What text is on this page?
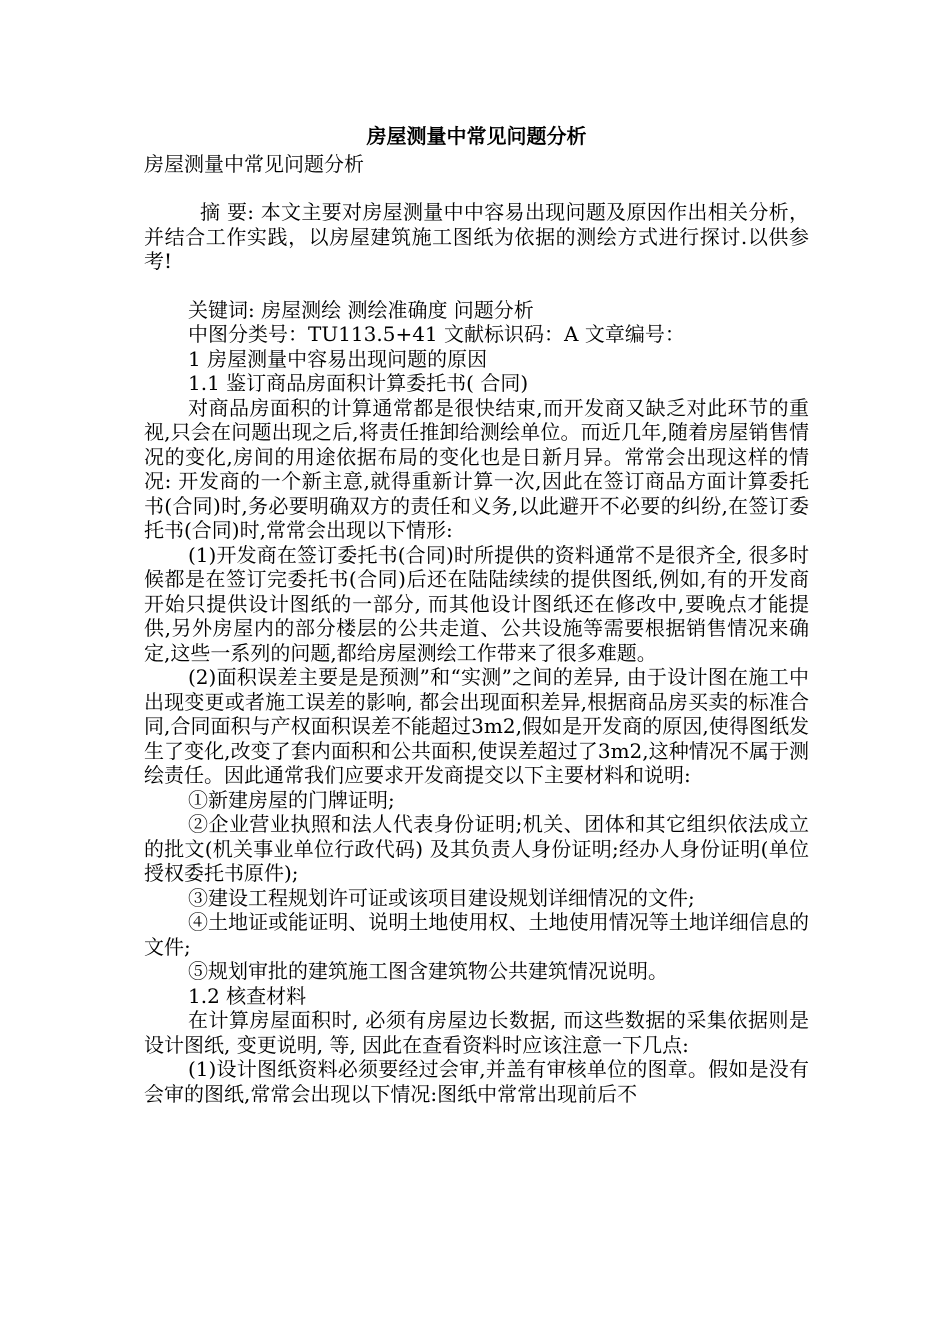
房屋测量中常见问题分析

房屋测量中常见问题分析

摘 要: 本文主要对房屋测量中中容易出现问题及原因作出相关分析，并结合工作实践，以房屋建筑施工图纸为依据的测绘方式进行探讨.以供参考!

关键词: 房屋测绘 测绘准确度 问题分析

中图分类号：TU113.5+41 文献标识码：A 文章编号：

1 房屋测量中容易出现问题的原因

1.1 鉴订商品房面积计算委托书( 合同)

对商品房面积的计算通常都是很快结束,而开发商又缺乏对此环节的重视,只会在问题出现之后,将责任推卸给测绘单位。而近几年,随着房屋销售情况的变化,房间的用途依据布局的变化也是日新月异。常常会出现这样的情况: 开发商的一个新主意,就得重新计算一次,因此在签订商品方面计算委托书(合同)时,务必要明确双方的责任和义务,以此避开不必要的纠纷,在签订委托书(合同)时,常常会出现以下情形:

(1)开发商在签订委托书(合同)时所提供的资料通常不是很齐全, 很多时候都是在签订完委托书(合同)后还在陆陆续续的提供图纸,例如,有的开发商开始只提供设计图纸的一部分, 而其他设计图纸还在修改中,要晚点才能提供,另外房屋内的部分楼层的公共走道、公共设施等需要根据销售情况来确定,这些一系列的问题,都给房屋测绘工作带来了很多难题。

(2)面积误差主要是是预测”和“实测”之间的差异, 由于设计图在施工中出现变更或者施工误差的影响, 都会出现面积差异,根据商品房买卖的标准合同,合同面积与产权面积误差不能超过3m2,假如是开发商的原因,使得图纸发生了变化,改变了套内面积和公共面积,使误差超过了3m2,这种情况不属于测绘责任。因此通常我们应要求开发商提交以下主要材料和说明:

①新建房屋的门牌证明;

②企业营业执照和法人代表身份证明;机关、团体和其它组织依法成立的批文(机关事业单位行政代码) 及其负责人身份证明;经办人身份证明(单位授权委托书原件);

③建设工程规划许可证或该项目建设规划详细情况的文件;

④土地证或能证明、说明土地使用权、土地使用情况等土地详细信息的文件;

⑤规划审批的建筑施工图含建筑物公共建筑情况说明。

1.2 核查材料

在计算房屋面积时, 必须有房屋边长数据, 而这些数据的采集依据则是设计图纸, 变更说明, 等, 因此在查看资料时应该注意一下几点:

(1)设计图纸资料必须要经过会审,并盖有审核单位的图章。假如是没有会审的图纸,常常会出现以下情况:图纸中常常出现前后不
